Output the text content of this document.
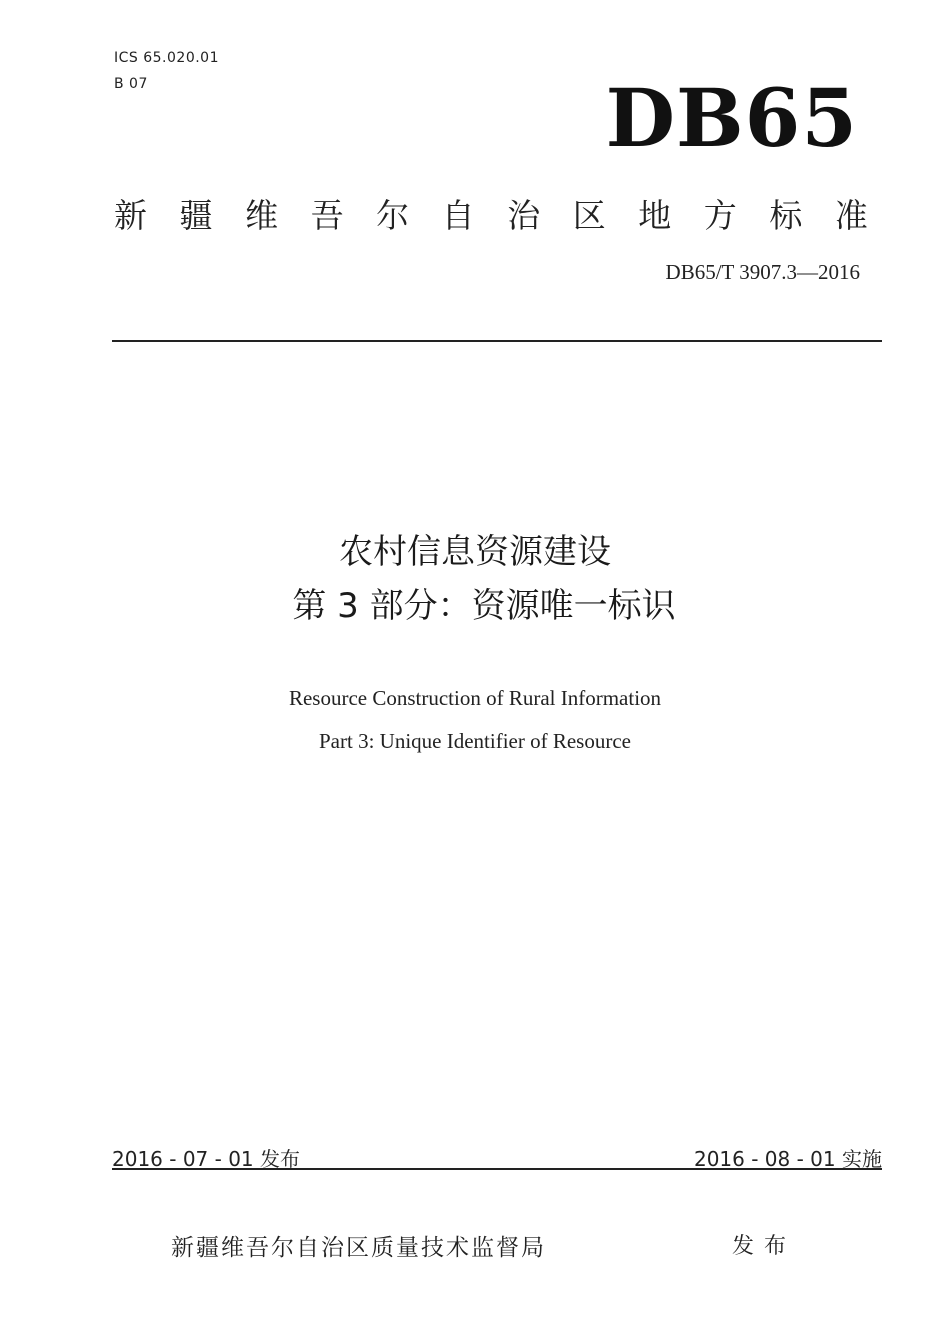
ICS 65.020.01
B 07	DB65
新 疆 维 吾 尔 自 治 区 地 方 标 准
DB65/T 3907.3—2016
农村信息资源建设
第 3 部分：资源唯一标识
Resource Construction of Rural Information
Part 3: Unique Identifier of Resource
2016 - 07 - 01 发布	2016 - 08 - 01 实施
新疆维吾尔自治区质量技术监督局	发布
